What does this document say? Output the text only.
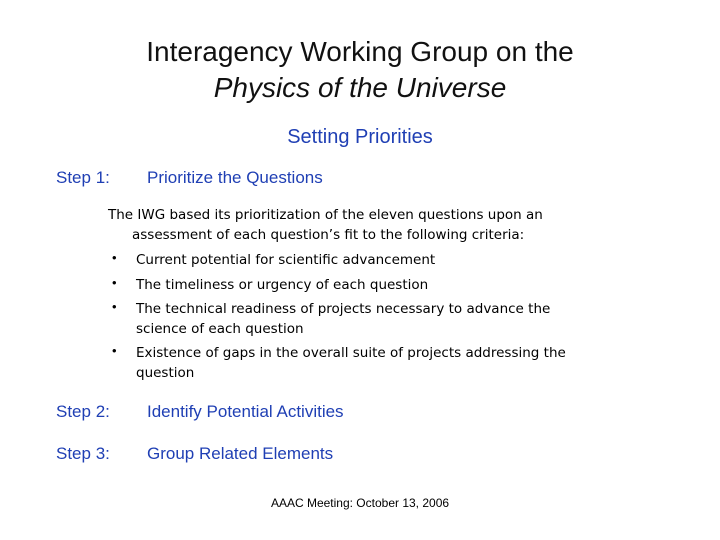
Interagency Working Group on the
Physics of the Universe
Setting Priorities
Step 1: Prioritize the Questions
The IWG based its prioritization of the eleven questions upon an
assessment of each question’s fit to the following criteria:
• Current potential for scientific advancement
• The timeliness or urgency of each question
• The technical readiness of projects necessary to advance the
science of each question
• Existence of gaps in the overall suite of projects addressing the
question
Step 2: Identify Potential Activities
Step 3: Group Related Elements
AAAC Meeting: October 13, 2006
